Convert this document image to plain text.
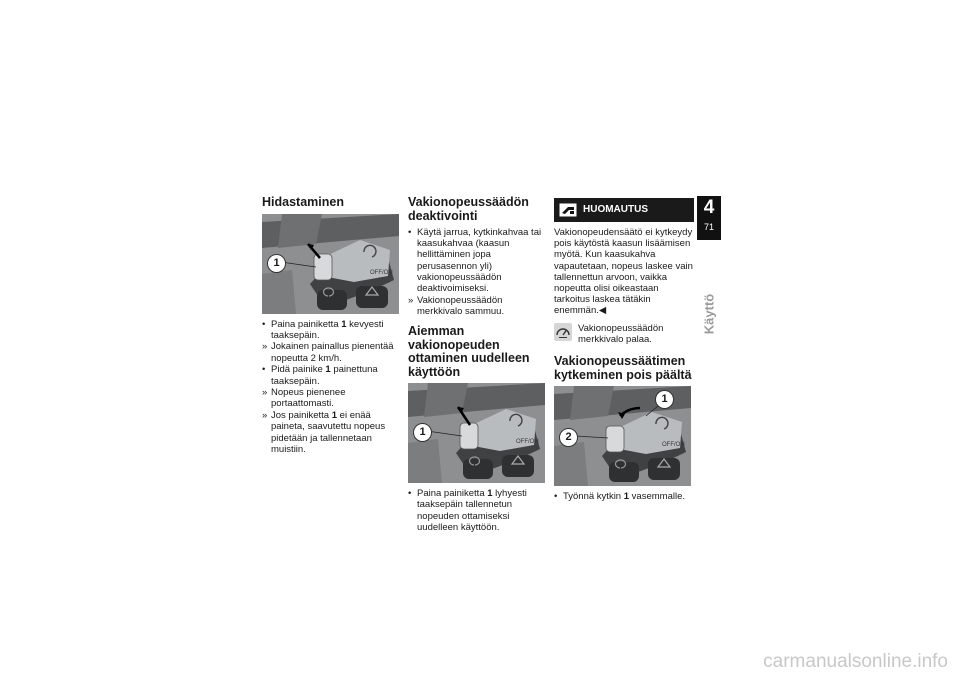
Hidastaminen
OFF/ON
1
• Paina painiketta 1 kevyesti taaksepäin.
» Jokainen painallus pienentää nopeutta 2 km/h.
• Pidä painike 1 painettuna taaksepäin.
» Nopeus pienenee portaattomasti.
» Jos painiketta 1 ei enää paineta, saavutettu nopeus pidetään ja tallennetaan muistiin.
Vakionopeussäädön deaktivointi
• Käytä jarrua, kytkinkahvaa tai kaasukahvaa (kaasun hellittäminen jopa perusasennon yli) vakionopeussäädön deaktivoimiseksi.
» Vakionopeussäädön merkkivalo sammuu.
Aiemman vakionopeuden ottaminen uudelleen käyttöön
OFF/ON
1
• Paina painiketta 1 lyhyesti taaksepäin tallennetun nopeuden ottamiseksi uudelleen käyttöön.
HUOMAUTUS
Vakionopeudensäätö ei kytkeydy pois käytöstä kaasun lisäämisen myötä. Kun kaasukahva vapautetaan, nopeus laskee vain tallennettun arvoon, vaikka nopeutta olisi oikeastaan tarkoitus laskea tätäkin enemmän.◀
Vakionopeussäädön merkkivalo palaa.
Vakionopeussäätimen kytkeminen pois päältä
OFF/ON
1
2
• Työnnä kytkin 1 vasemmalle.
4
71
Käyttö
carmanualsonline.info
